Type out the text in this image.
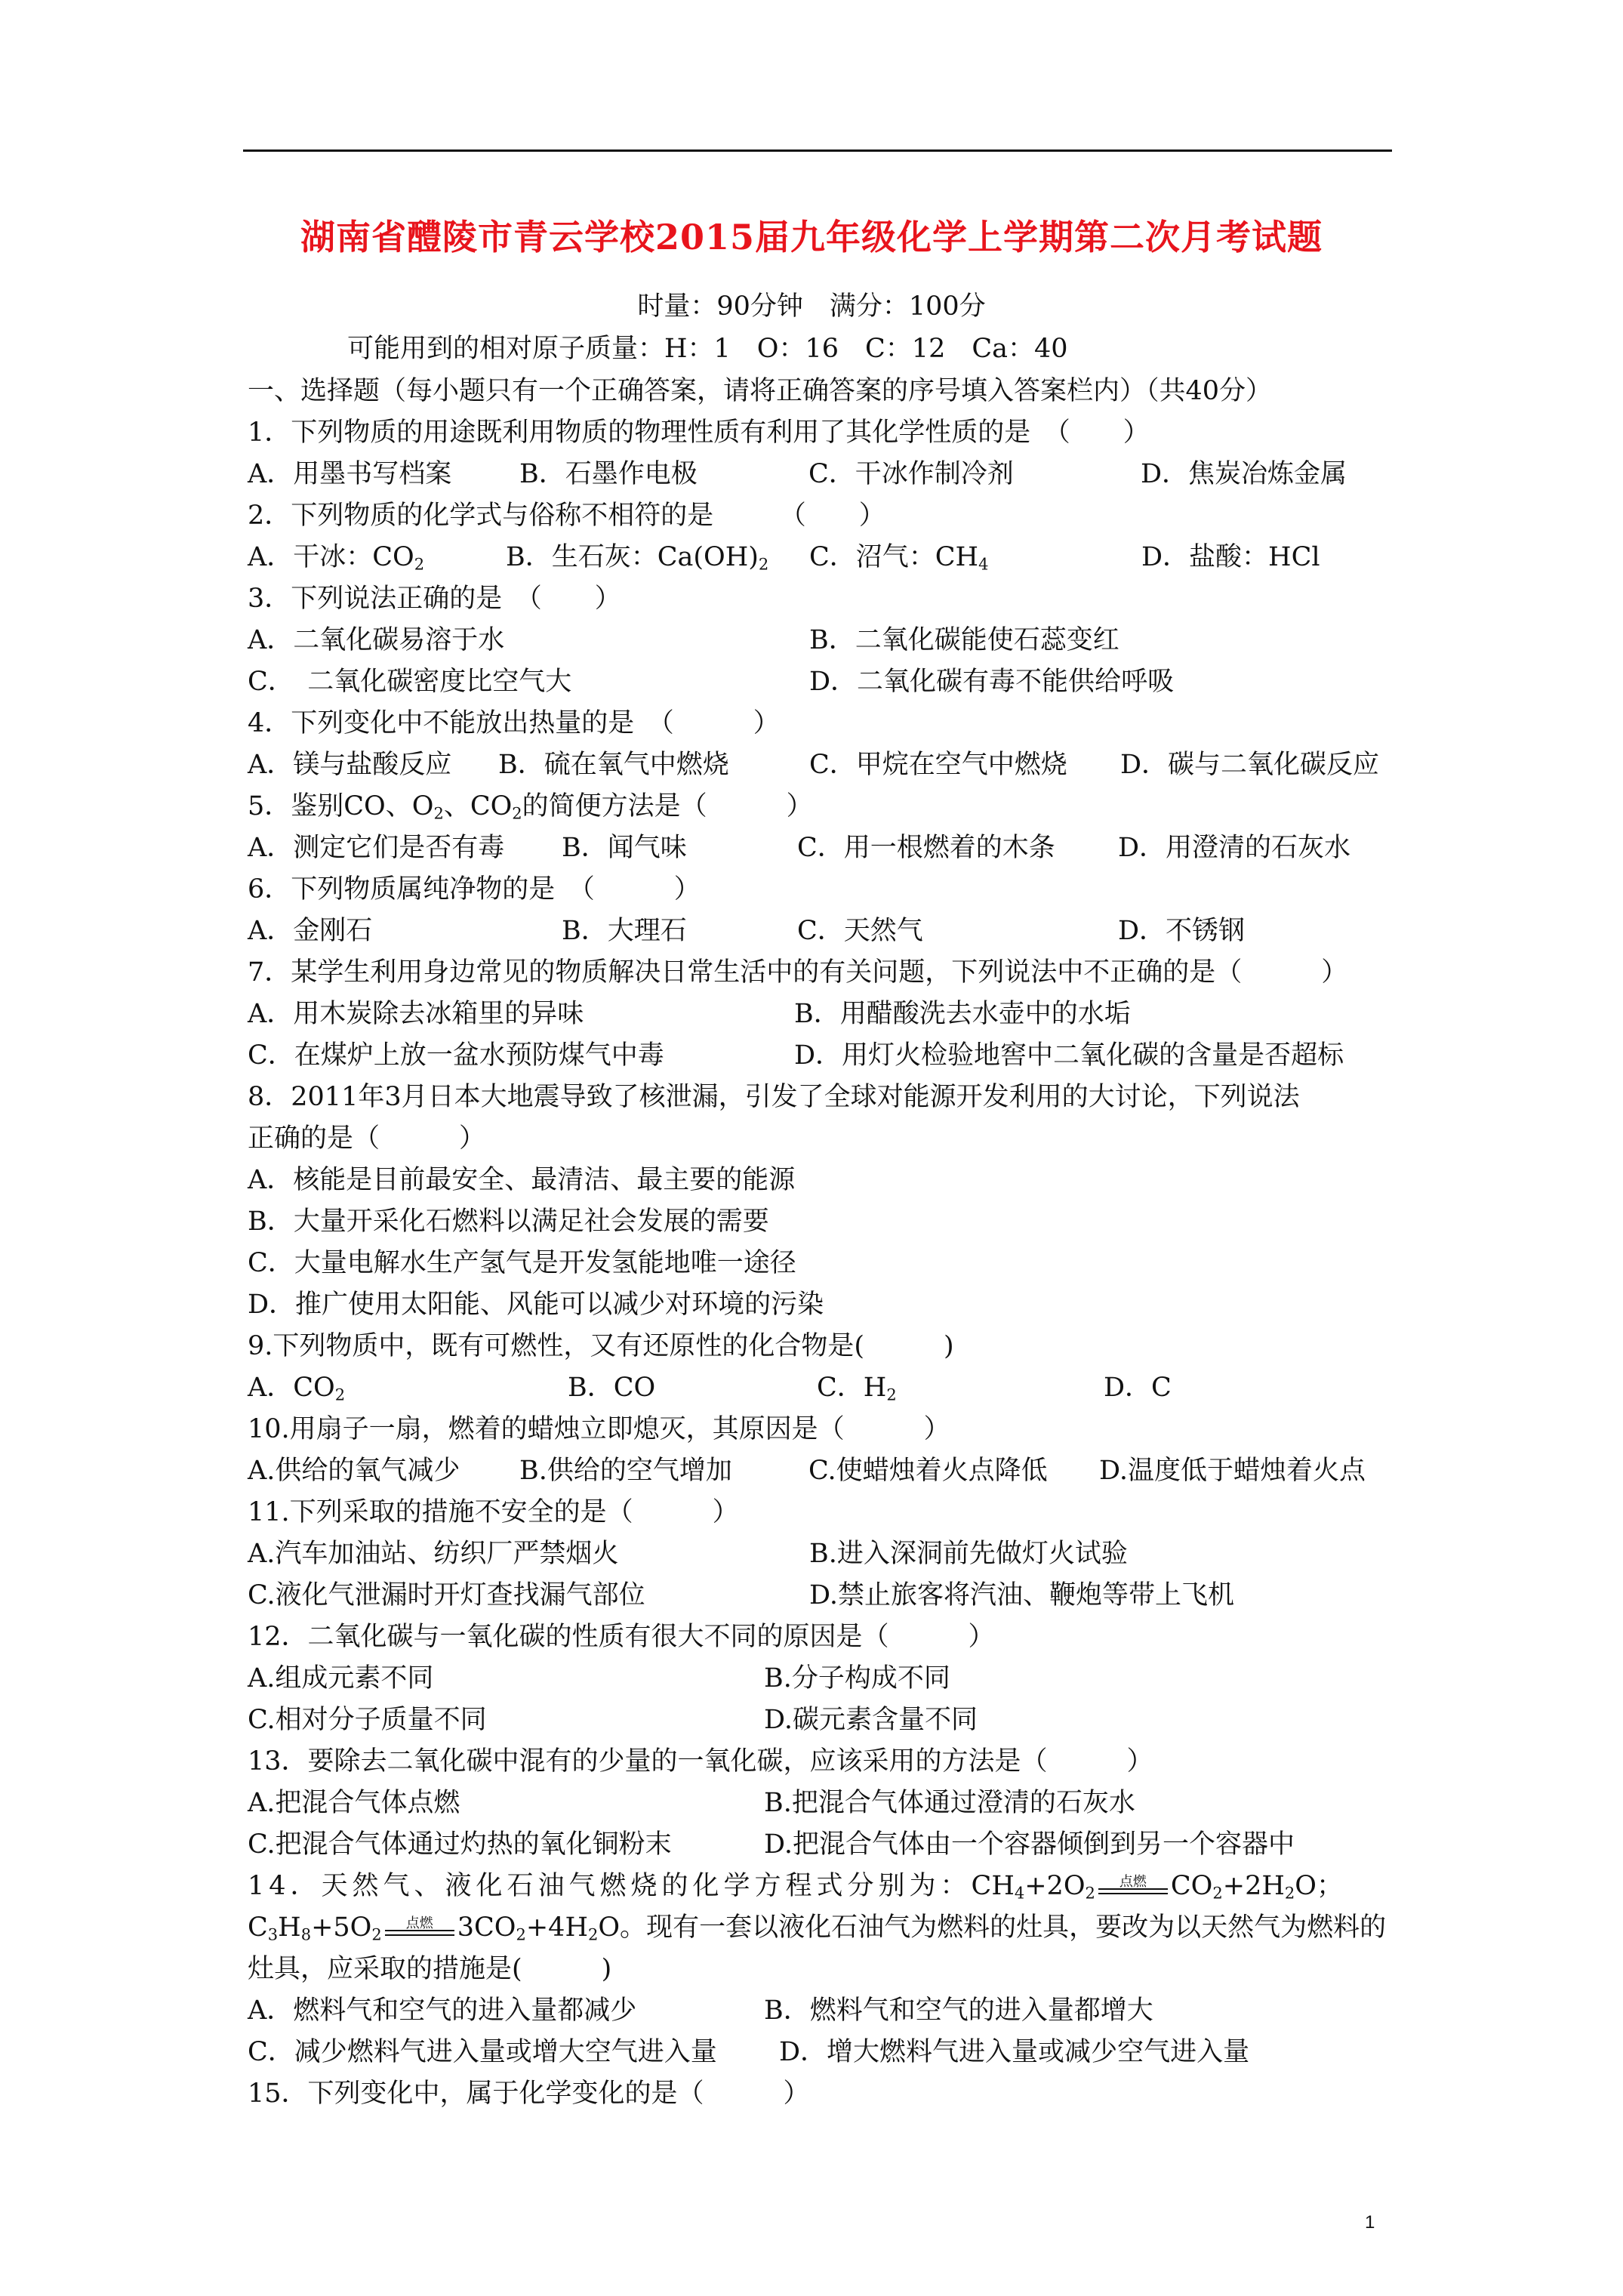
湖南省醴陵市青云学校2015届九年级化学上学期第二次月考试题
时量：90分钟　满分：100分
可能用到的相对原子质量：H：1　O：16　C：12　Ca：40
一、选择题（每小题只有一个正确答案，请将正确答案的序号填入答案栏内）（共40分）
1．下列物质的用途既利用物质的物理性质有利用了其化学性质的是　（　　）
A．用墨书写档案	B．石墨作电极	C．干冰作制冷剂	D．焦炭冶炼金属
2．下列物质的化学式与俗称不相符的是　　　（　　）
A．干冰：$CO_2$	B．生石灰：$Ca(OH)_2$ C．沼气：$CH_4$	D．盐酸：HCl
3．下列说法正确的是　（　　）
A．二氧化碳易溶于水	B．二氧化碳能使石蕊变红
C．　二氧化碳密度比空气大	D．二氧化碳有毒不能供给呼吸
4．下列变化中不能放出热量的是　（　　　）
A．镁与盐酸反应 B．硫在氧气中燃烧	C．甲烷在空气中燃烧 D．碳与二氧化碳反应
5．鉴别CO、$O_2$、$CO_2$的简便方法是（　　　）
A．测定它们是否有毒 B．闻气味	C．用一根燃着的木条 D．用澄清的石灰水
6．下列物质属纯净物的是　（　　　）
A．金刚石	B．大理石	C．天然气	D．不锈钢
7．某学生利用身边常见的物质解决日常生活中的有关问题，下列说法中不正确的是（　　　）
A．用木炭除去冰箱里的异味	B．用醋酸洗去水壶中的水垢
C．在煤炉上放一盆水预防煤气中毒	D．用灯火检验地窖中二氧化碳的含量是否超标
8．2011年3月日本大地震导致了核泄漏，引发了全球对能源开发利用的大讨论，下列说法
正确的是（　　　）
A．核能是目前最安全、最清洁、最主要的能源
B．大量开采化石燃料以满足社会发展的需要
C．大量电解水生产氢气是开发氢能地唯一途径
D．推广使用太阳能、风能可以减少对环境的污染
9.下列物质中，既有可燃性，又有还原性的化合物是(　　　)
A．$CO_2$	B．CO	C．$H_2$	D．C
10.用扇子一扇，燃着的蜡烛立即熄灭，其原因是（　　　）
A.供给的氧气减少 B.供给的空气增加	C.使蜡烛着火点降低 D.温度低于蜡烛着火点
11.下列采取的措施不安全的是（　　　）
A.汽车加油站、纺织厂严禁烟火	B.进入深洞前先做灯火试验
C.液化气泄漏时开灯查找漏气部位	D.禁止旅客将汽油、鞭炮等带上飞机
12．二氧化碳与一氧化碳的性质有很大不同的原因是（　　　）
A.组成元素不同	B.分子构成不同
C.相对分子质量不同	D.碳元素含量不同
13．要除去二氧化碳中混有的少量的一氧化碳，应该采用的方法是（　　　）
A.把混合气体点燃	B.把混合气体通过澄清的石灰水
C.把混合气体通过灼热的氧化铜粉末	D.把混合气体由一个容器倾倒到另一个容器中
14．天然气、液化石油气燃烧的化学方程式分别为：$CH_4+2O_2$
点燃 $CO_2+2H_2O$；
$C_3H_8+5O_2$
点燃 $3CO_2+4H_2O$。现有一套以液化石油气为燃料的灶具，要改为以天然气为燃料的
灶具，应采取的措施是(　　　)
A．燃料气和空气的进入量都减少	B．燃料气和空气的进入量都增大
C．减少燃料气进入量或增大空气进入量 D．增大燃料气进入量或减少空气进入量
15．下列变化中，属于化学变化的是（　　　）
1
